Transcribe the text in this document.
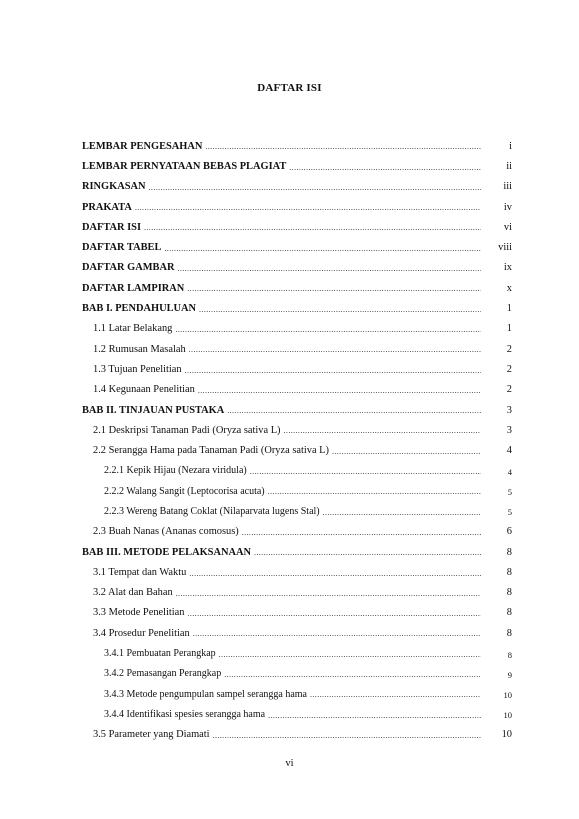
DAFTAR ISI
LEMBAR PENGESAHAN .....	i
LEMBAR PERNYATAAN BEBAS PLAGIAT .....	ii
RINGKASAN .....	iii
PRAKATA .....	iv
DAFTAR ISI .....	vi
DAFTAR TABEL .....	viii
DAFTAR GAMBAR .....	ix
DAFTAR LAMPIRAN .....	x
BAB I. PENDAHULUAN .....	1
1.1 Latar Belakang .....	1
1.2 Rumusan Masalah .....	2
1.3 Tujuan Penelitian .....	2
1.4 Kegunaan Penelitian .....	2
BAB II. TINJAUAN PUSTAKA .....	3
2.1 Deskripsi Tanaman Padi (Oryza sativa L) .....	3
2.2 Serangga Hama pada Tanaman Padi (Oryza sativa L) .....	4
2.2.1 Kepik Hijau (Nezara viridula) .....	4
2.2.2 Walang Sangit (Leptocorisa acuta) .....	5
2.2.3 Wereng Batang Coklat (Nilaparvata lugens Stal) .....	5
2.3 Buah Nanas (Ananas comosus) .....	6
BAB III. METODE PELAKSANAAN .....	8
3.1 Tempat dan Waktu .....	8
3.2 Alat dan Bahan .....	8
3.3 Metode Penelitian .....	8
3.4 Prosedur Penelitian .....	8
3.4.1 Pembuatan Perangkap .....	8
3.4.2 Pemasangan Perangkap .....	9
3.4.3 Metode pengumpulan sampel serangga hama .....	10
3.4.4 Identifikasi spesies serangga hama .....	10
3.5 Parameter yang Diamati .....	10
vi
